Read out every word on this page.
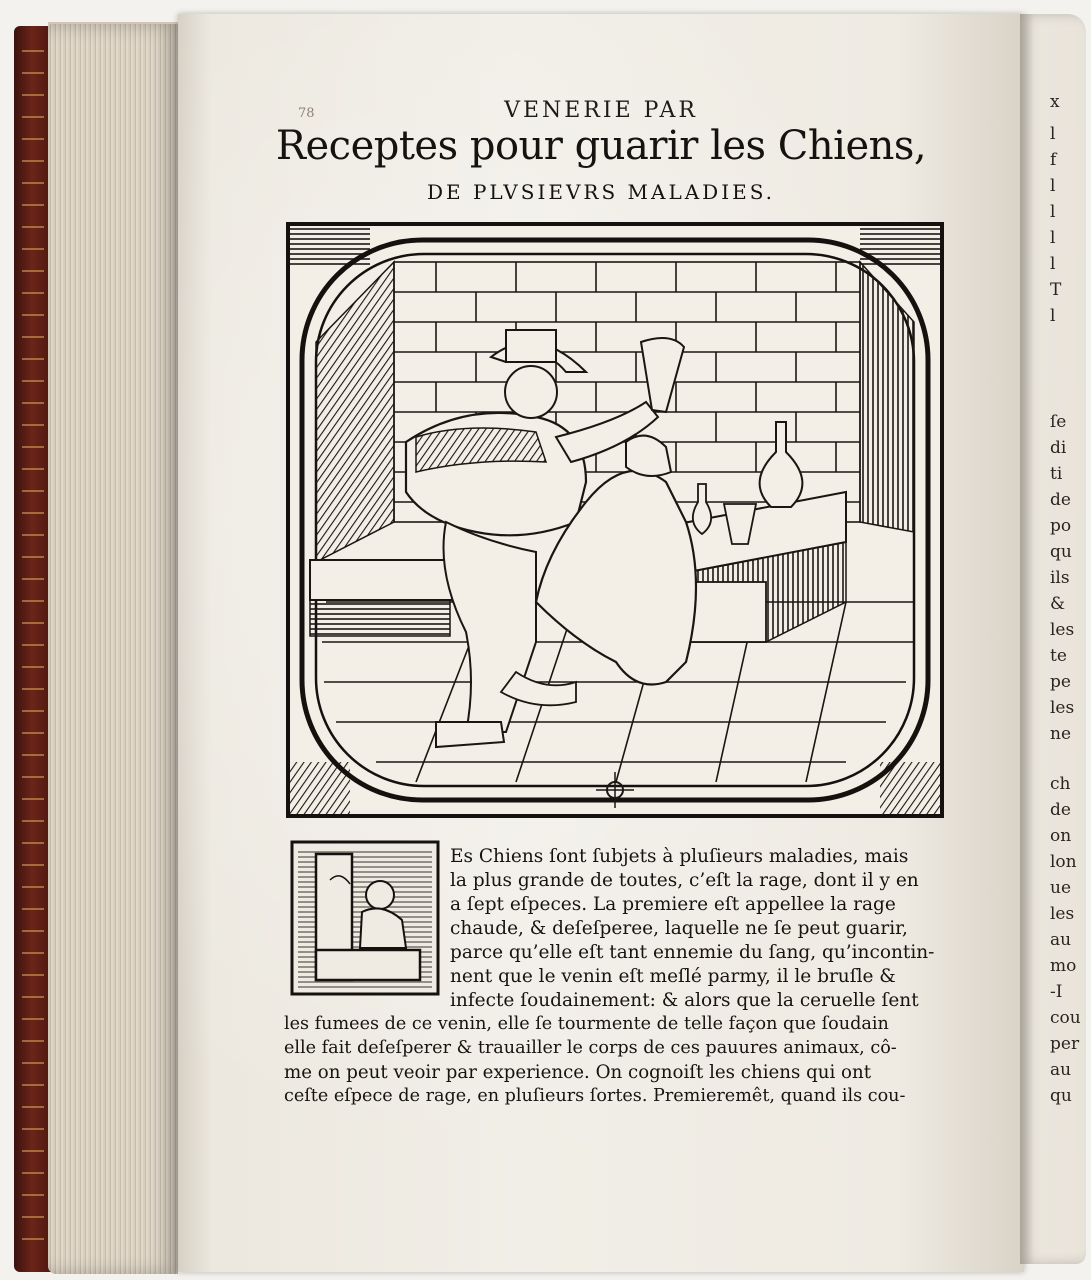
78	VENERIE PAR
Receptes pour guarir les Chiens,
DE PLVSIEVRS MALADIES.
Es Chiens ſont ſubjets à pluſieurs maladies, mais
la plus grande de toutes, c’eſt la rage, dont il y en
a ſept eſpeces. La premiere eſt appellee la rage
chaude, & deſeſperee, laquelle ne ſe peut guarir,
parce qu’elle eſt tant ennemie du ſang, qu’incontin-
nent que le venin eſt meſlé parmy, il le bruſle &
infecte ſoudainement: & alors que la ceruelle ſent
les fumees de ce venin, elle ſe tourmente de telle façon que ſoudain
elle fait deſeſperer & trauailler le corps de ces pauures animaux, cô-
me on peut veoir par experience. On cognoiſt les chiens qui ont
ceſte eſpece de rage, en pluſieurs ſortes. Premieremêt, quand ils cou-
x
l
f
l
l
l
l
T
l
ſe
di
ti
de
po
qu
ils
&
les
te
pe
les
ne
ch
de
on
lon
ue
les
au
mo
-I
cou
per
au
qu
